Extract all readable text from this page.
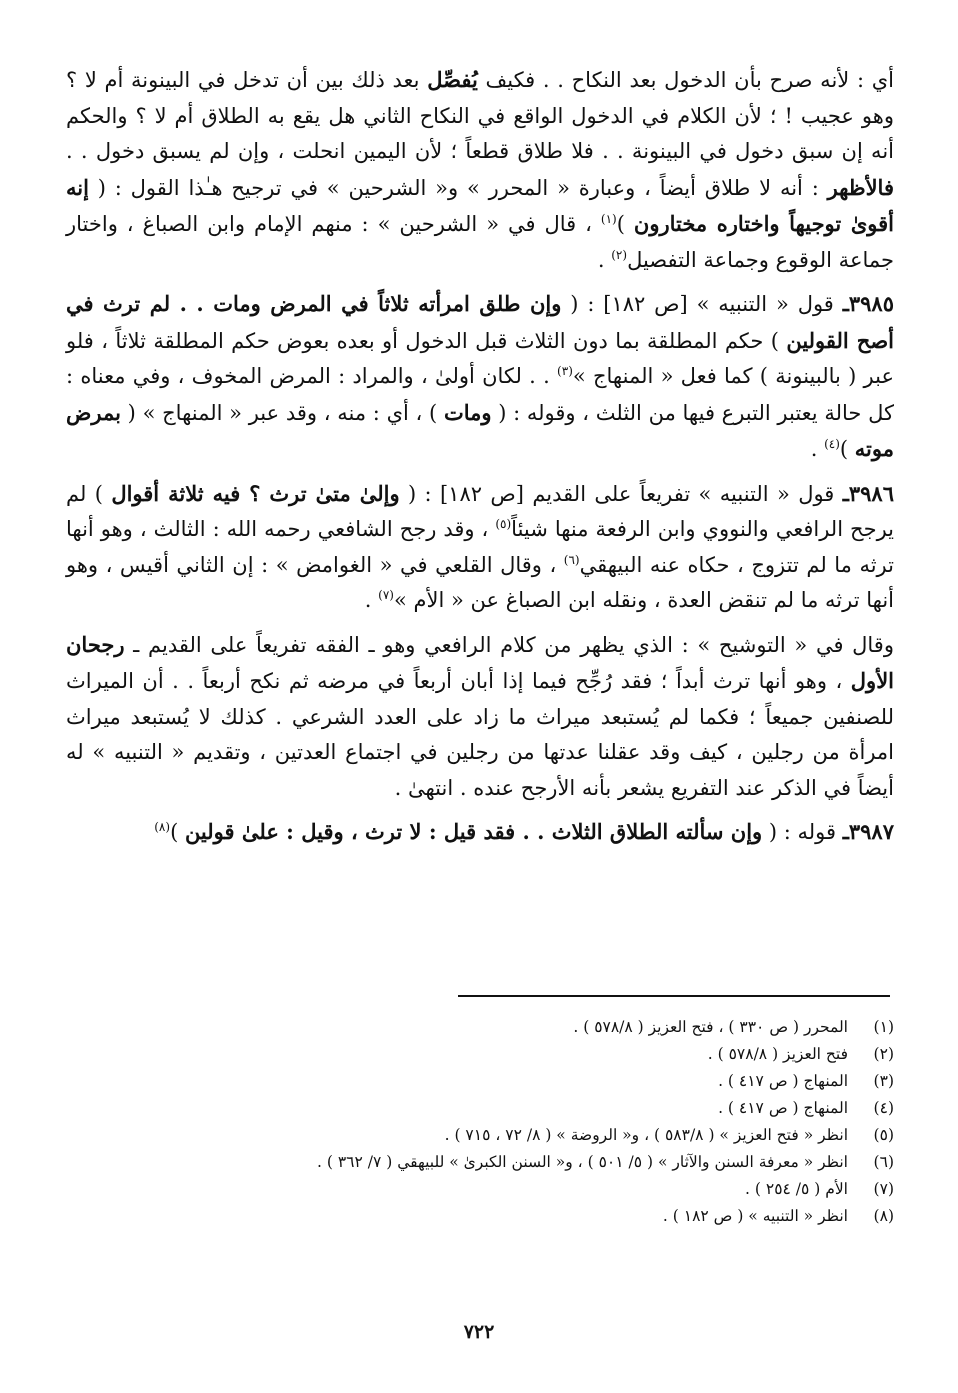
أي : لأنه صرح بأن الدخول بعد النكاح . . فكيف يُفصِّل بعد ذلك بين أن تدخل في البينونة أم لا ؟ وهو عجيب ! ؛ لأن الكلام في الدخول الواقع في النكاح الثاني هل يقع به الطلاق أم لا ؟ والحكم أنه إن سبق دخول في البينونة . . فلا طلاق قطعاً ؛ لأن اليمين انحلت ، وإن لم يسبق دخول . . فالأظهر : أنه لا طلاق أيضاً ، وعبارة « المحرر » و« الشرحين » في ترجيح هـٰذا القول : ( إنه أقوىٰ توجيهاً واختاره مختارون )$^{(١)}$ ، قال في « الشرحين » : منهم الإمام وابن الصباغ ، واختار جماعة الوقوع وجماعة التفصيل$^{(٢)}$ .

٣٩٨٥ـ قول « التنبيه » [ص ١٨٢] : ( وإن طلق امرأته ثلاثاً في المرض ومات . . لم ترث في أصح القولين ) حكم المطلقة بما دون الثلاث قبل الدخول أو بعده بعوض حكم المطلقة ثلاثاً ، فلو عبر ( بالبينونة ) كما فعل « المنهاج »$^{(٣)}$ . . لكان أولىٰ ، والمراد : المرض المخوف ، وفي معناه : كل حالة يعتبر التبرع فيها من الثلث ، وقوله : ( ومات ) ، أي : منه ، وقد عبر « المنهاج » ( بمرض موته )$^{(٤)}$ .

٣٩٨٦ـ قول « التنبيه » تفريعاً على القديم [ص ١٨٢] : ( وإلىٰ متىٰ ترث ؟ فيه ثلاثة أقوال ) لم يرجح الرافعي والنووي وابن الرفعة منها شيئاً$^{(٥)}$ ، وقد رجح الشافعي رحمه الله : الثالث ، وهو أنها ترثه ما لم تتزوج ، حكاه عنه البيهقي$^{(٦)}$ ، وقال القلعي في « الغوامض » : إن الثاني أقيس ، وهو أنها ترثه ما لم تنقض العدة ، ونقله ابن الصباغ عن « الأم »$^{(٧)}$ .

وقال في « التوشيح » : الذي يظهر من كلام الرافعي وهو ـ الفقه تفريعاً على القديم ـ رجحان الأول ، وهو أنها ترث أبداً ؛ فقد رُجِّح فيما إذا أبان أربعاً في مرضه ثم نكح أربعاً . . أن الميراث للصنفين جميعاً ؛ فكما لم يُستبعد ميراث ما زاد على العدد الشرعي . كذلك لا يُستبعد ميراث امرأة من رجلين ، كيف وقد عقلنا عدتها من رجلين في اجتماع العدتين ، وتقديم « التنبيه » له أيضاً في الذكر عند التفريع يشعر بأنه الأرجح عنده . انتهىٰ .

٣٩٨٧ـ قوله : ( وإن سألته الطلاق الثلاث . . فقد قيل : لا ترث ، وقيل : علىٰ قولين )$^{(٨)}$

(١)
المحرر ( ص ٣٣٠ ) ، فتح العزيز ( ٥٧٨/٨ ) .
(٢)
فتح العزيز ( ٥٧٨/٨ ) .
(٣)
المنهاج ( ص ٤١٧ ) .
(٤)
المنهاج ( ص ٤١٧ ) .
(٥)
انظر « فتح العزيز » ( ٥٨٣/٨ ) ، و« الروضة » ( ٨/ ٧٢ ، ٧١٥ ) .
(٦)
انظر « معرفة السنن والآثار » ( ٥/ ٥٠١ ) ، و« السنن الكبرىٰ » للبيهقي ( ٧/ ٣٦٢ ) .
(٧)
الأم ( ٥/ ٢٥٤ ) .
(٨)
انظر « التنبيه » ( ص ١٨٢ ) .
٧٢٢
